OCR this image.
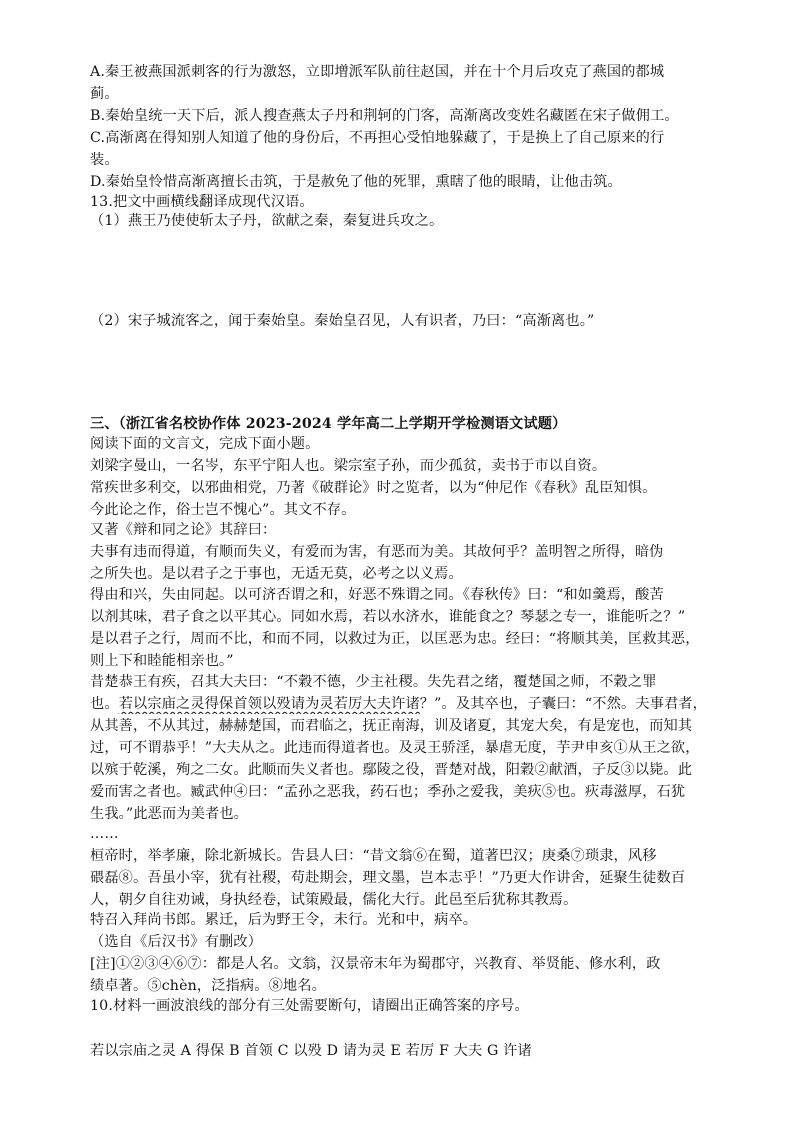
A.秦王被燕国派刺客的行为激怒，立即增派军队前往赵国，并在十个月后攻克了燕国的都城
蓟。
B.秦始皇统一天下后，派人搜查燕太子丹和荆轲的门客，高渐离改变姓名藏匿在宋子做佣工。
C.高渐离在得知别人知道了他的身份后，不再担心受怕地躲藏了，于是换上了自己原来的行
装。
D.秦始皇怜惜高渐离擅长击筑，于是赦免了他的死罪，熏瞎了他的眼睛，让他击筑。
13.把文中画横线翻译成现代汉语。
（1）燕王乃使使斩太子丹，欲献之秦，秦复进兵攻之。
（2）宋子城流客之，闻于秦始皇。秦始皇召见，人有识者，乃曰：“高渐离也。”
三、（浙江省名校协作体 2023-2024 学年高二上学期开学检测语文试题）
阅读下面的文言文，完成下面小题。
刘梁字曼山，一名岑，东平宁阳人也。梁宗室子孙，而少孤贫，卖书于市以自资。
常疾世多利交，以邪曲相党，乃著《破群论》时之览者，以为“仲尼作《春秋》乱臣知惧。
今此论之作，俗士岂不愧心”。其文不存。
又著《辩和同之论》其辞曰：
夫事有违而得道，有顺而失义，有爱而为害，有恶而为美。其故何乎？盖明智之所得，暗伪
之所失也。是以君子之于事也，无适无莫，必考之以义焉。
得由和兴，失由同起。以可济否谓之和，好恶不殊谓之同。《春秋传》曰：“和如羹焉，酸苦
以剂其味，君子食之以平其心。同如水焉，若以水济水，谁能食之？琴瑟之专一，谁能听之？”
是以君子之行，周而不比，和而不同，以救过为正，以匡恶为忠。经曰：“将顺其美，匡救其恶，
则上下和睦能相亲也。”
昔楚恭王有疾，召其大夫曰：“不穀不德，少主社稷。失先君之绪，覆楚国之师，不穀之罪
也。若以宗庙之灵得保首领以殁请为灵若厉大夫许诸？”。及其卒也，子囊曰：“不然。夫事君者，
从其善，不从其过，赫赫楚国，而君临之，抚正南海，训及诸夏，其宠大矣，有是宠也，而知其
过，可不谓恭乎！”大夫从之。此违而得道者也。及灵王骄淫，暴虐无度，芋尹申亥①从王之欲，
以殡于乾溪，殉之二女。此顺而失义者也。鄢陵之役，晋楚对战，阳穀②献酒，子反③以毙。此
爱而害之者也。臧武仲④曰：“孟孙之恶我，药石也；季孙之爱我，美疢⑤也。疢毒滋厚，石犹
生我。”此恶而为美者也。
……
桓帝时，举孝廉，除北新城长。告县人曰：“昔文翁⑥在蜀，道著巴汉；庚桑⑦琐隶，风移
碨磊⑧。吾虽小宰，犹有社稷，苟赴期会，理文墨，岂本志乎！”乃更大作讲舍，延聚生徒数百
人，朝夕自往劝诫，身执经卷，试策殿最，儒化大行。此邑至后犹称其教焉。
特召入拜尚书郎。累迁，后为野王令，未行。光和中，病卒。
（选自《后汉书》有删改）
[注]①②③④⑥⑦：都是人名。文翁，汉景帝末年为蜀郡守，兴教育、举贤能、修水利，政
绩卓著。⑤chèn，泛指病。⑧地名。
10.材料一画波浪线的部分有三处需要断句，请圈出正确答案的序号。
若以宗庙之灵 A 得保 B 首领 C 以殁 D 请为灵 E 若厉 F 大夫 G 许诸
